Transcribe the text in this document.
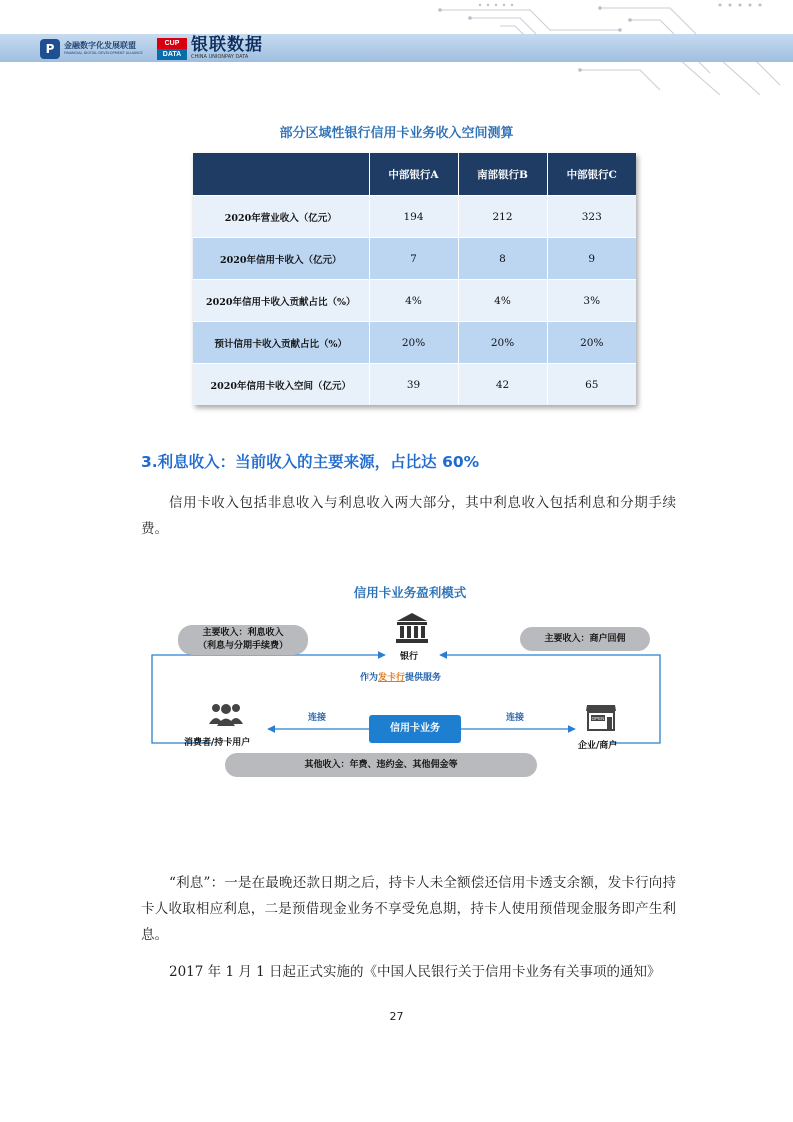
P	金融数字化发展联盟
FINANCIAL DIGITAL DEVELOPMENT ALLIANCE
CUP
DATA 银联数据
CHINA UNIONPAY DATA
部分区域性银行信用卡业务收入空间测算
	中部银行A	南部银行B	中部银行C
2020年营业收入（亿元）	194	212	323
2020年信用卡收入（亿元）	7	8	9
2020年信用卡收入贡献占比（%）	4%	4%	3%
预计信用卡收入贡献占比（%）	20%	20%	20%
2020年信用卡收入空间（亿元）	39	42	65
3.利息收入：当前收入的主要来源，占比达 60%
信用卡收入包括非息收入与利息收入两大部分，其中利息收入包括利息和分期手续费。
信用卡业务盈利模式
主要收入：利息收入
（利息与分期手续费）
主要收入：商户回佣
银行
作为发卡行提供服务
消费者/持卡用户
连接
信用卡业务
连接	OPEN
企业/商户
其他收入：年费、违约金、其他佣金等
“利息”：一是在最晚还款日期之后，持卡人未全额偿还信用卡透支余额，发卡行向持卡人收取相应利息，二是预借现金业务不享受免息期，持卡人使用预借现金服务即产生利息。
2017 年 1 月 1 日起正式实施的《中国人民银行关于信用卡业务有关事项的通知》
27
